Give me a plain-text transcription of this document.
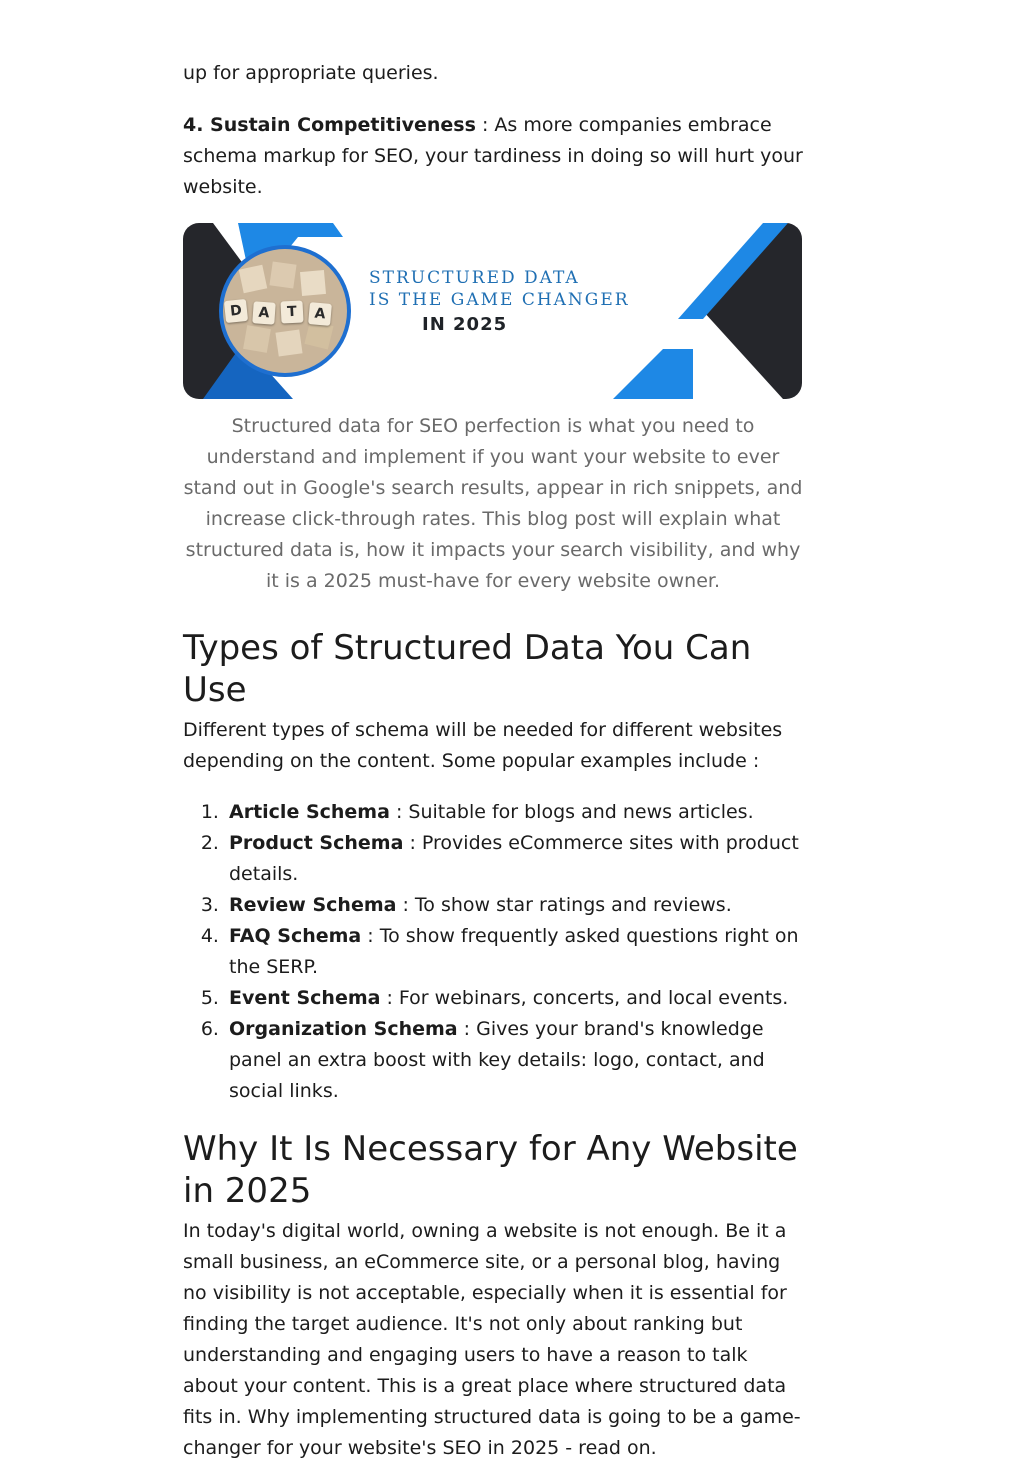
up for appropriate queries.

4. Sustain Competitiveness : As more companies embrace schema markup for SEO, your tardiness in doing so will hurt your website.

D	A	T	A
STRUCTURED DATA
IS THE GAME CHANGER
IN 2025

Structured data for SEO perfection is what you need to understand and implement if you want your website to ever stand out in Google's search results, appear in rich snippets, and increase click-through rates. This blog post will explain what structured data is, how it impacts your search visibility, and why it is a 2025 must-have for every website owner.

Types of Structured Data You Can Use

Different types of schema will be needed for different websites depending on the content. Some popular examples include :

1. Article Schema : Suitable for blogs and news articles.
2. Product Schema : Provides eCommerce sites with product details.
3. Review Schema : To show star ratings and reviews.
4. FAQ Schema : To show frequently asked questions right on the SERP.
5. Event Schema : For webinars, concerts, and local events.
6. Organization Schema : Gives your brand's knowledge panel an extra boost with key details: logo, contact, and social links.
Why It Is Necessary for Any Website in 2025

In today's digital world, owning a website is not enough. Be it a small business, an eCommerce site, or a personal blog, having no visibility is not acceptable, especially when it is essential for finding the target audience. It's not only about ranking but understanding and engaging users to have a reason to talk about your content. This is a great place where structured data fits in. Why implementing structured data is going to be a game-changer for your website's SEO in 2025 - read on.
